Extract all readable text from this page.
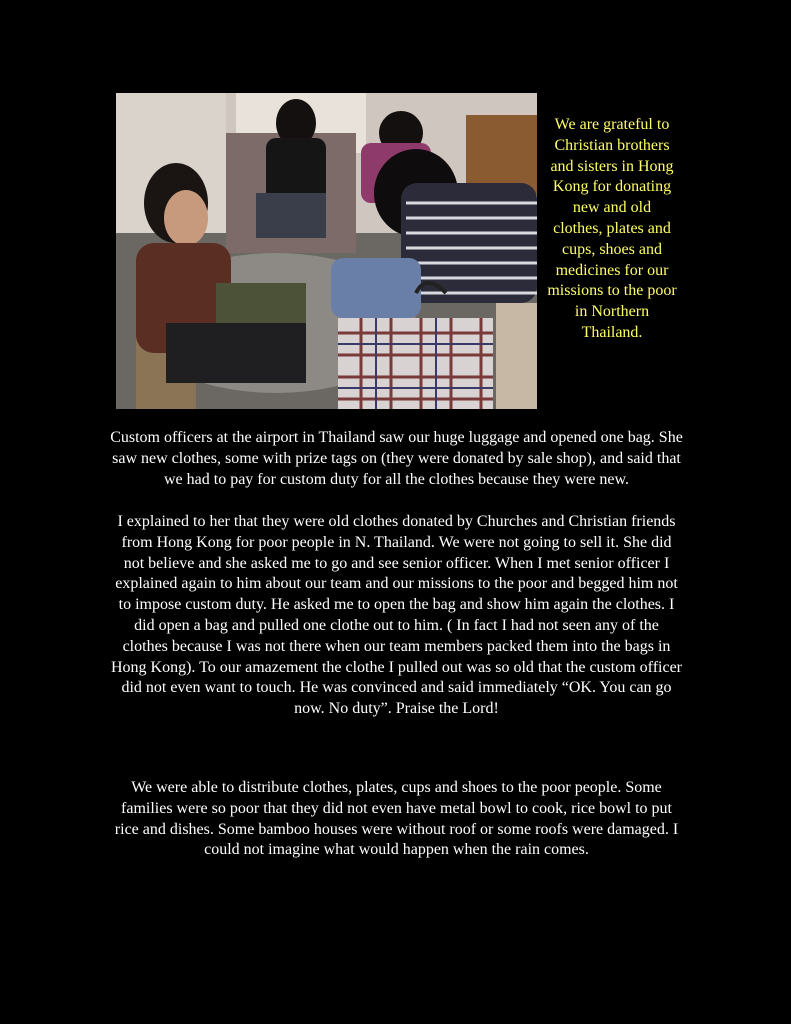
We are grateful to Christian brothers and sisters in Hong Kong for donating new and old clothes, plates and cups, shoes and medicines for our missions to the poor in Northern Thailand.

Custom officers at the airport in Thailand saw our huge luggage and opened one bag. She saw new clothes, some with prize tags on (they were donated by sale shop), and said that we had to pay for custom duty for all the clothes because they were new.

I explained to her that they were old clothes donated by Churches and Christian friends from Hong Kong for poor people in N. Thailand. We were not going to sell it. She did not believe and she asked me to go and see senior officer. When I met senior officer I explained again to him about our team and our missions to the poor and begged him not to impose custom duty. He asked me to open the bag and show him again the clothes. I did open a bag and pulled one clothe out to him. ( In fact I had not seen any of the clothes because I was not there when our team members packed them into the bags in Hong Kong). To our amazement the clothe I pulled out was so old that the custom officer did not even want to touch. He was convinced and said immediately “OK. You can go now. No duty”. Praise the Lord!

We were able to distribute clothes, plates, cups and shoes to the poor people. Some families were so poor that they did not even have metal bowl to cook, rice bowl to put rice and dishes. Some bamboo houses were without roof or some roofs were damaged. I could not imagine what would happen when the rain comes.
